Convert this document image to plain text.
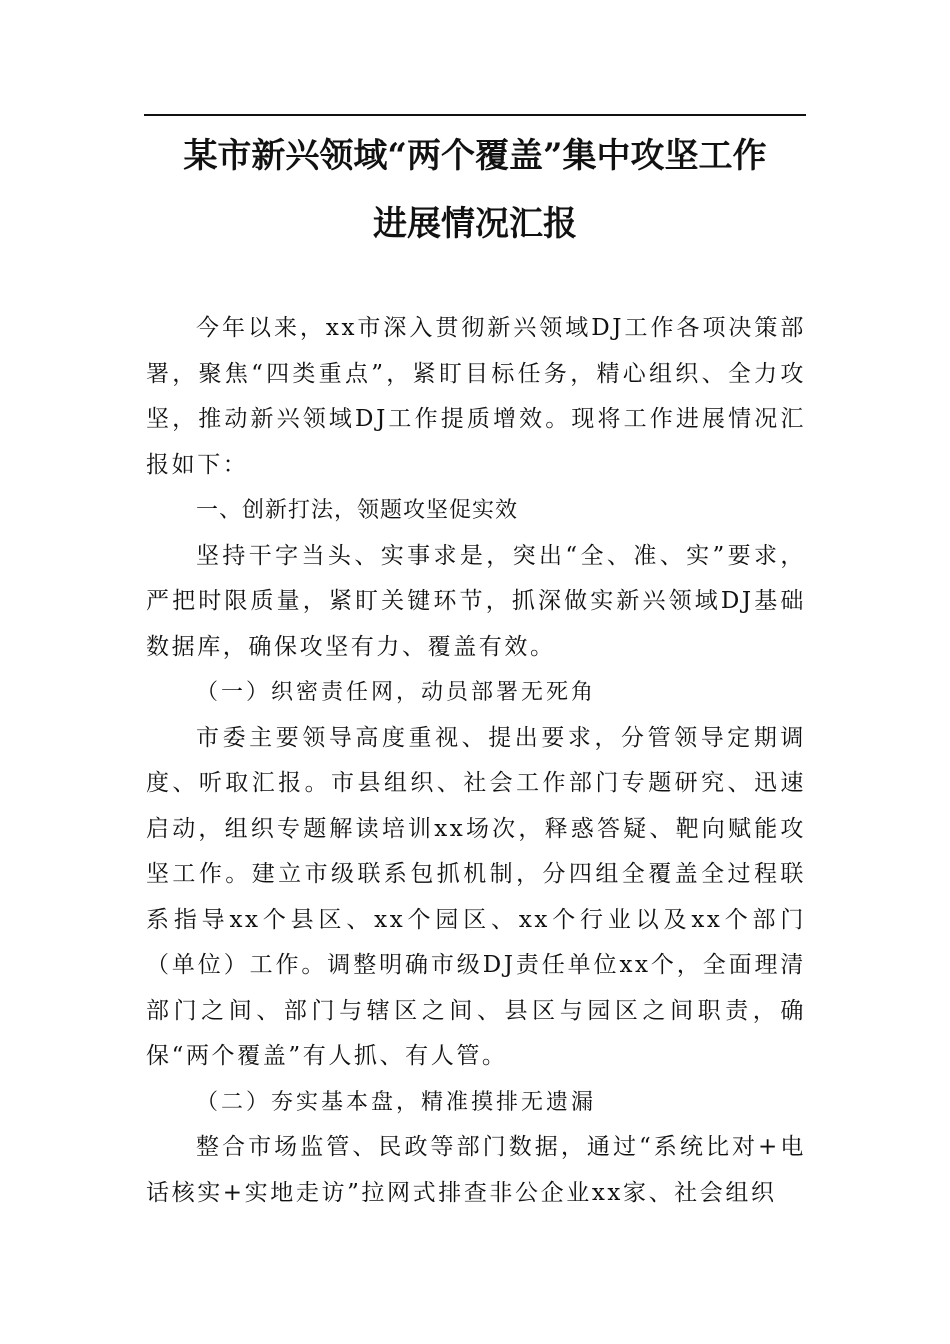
某市新兴领域“两个覆盖”集中攻坚工作
进展情况汇报

今年以来，xx市深入贯彻新兴领域DJ工作各项决策部署，聚焦“四类重点”，紧盯目标任务，精心组织、全力攻坚，推动新兴领域DJ工作提质增效。现将工作进展情况汇报如下：

一、创新打法，领题攻坚促实效

坚持干字当头、实事求是，突出“全、准、实”要求，严把时限质量，紧盯关键环节，抓深做实新兴领域DJ基础数据库，确保攻坚有力、覆盖有效。

（一）织密责任网，动员部署无死角

市委主要领导高度重视、提出要求，分管领导定期调度、听取汇报。市县组织、社会工作部门专题研究、迅速启动，组织专题解读培训xx场次，释惑答疑、靶向赋能攻坚工作。建立市级联系包抓机制，分四组全覆盖全过程联系指导xx个县区、xx个园区、xx个行业以及xx个部门（单位）工作。调整明确市级DJ责任单位xx个，全面理清部门之间、部门与辖区之间、县区与园区之间职责，确保“两个覆盖”有人抓、有人管。

（二）夯实基本盘，精准摸排无遗漏

整合市场监管、民政等部门数据，通过“系统比对+电话核实+实地走访”拉网式排查非公企业xx家、社会组织
